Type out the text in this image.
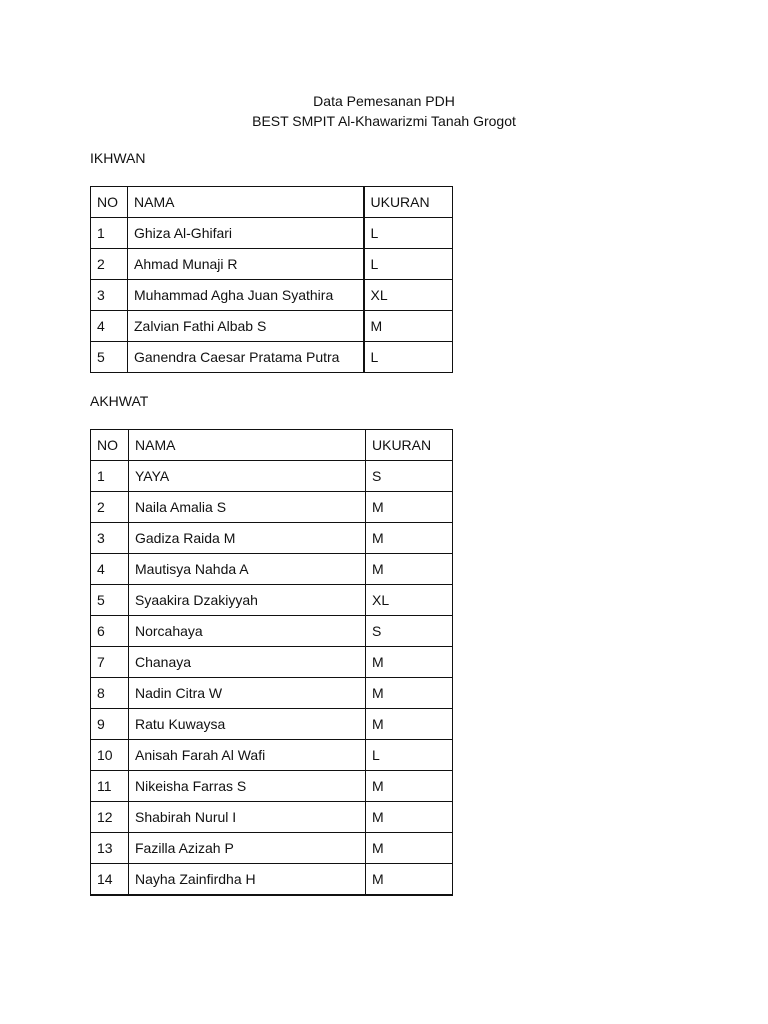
Data Pemesanan PDH
BEST SMPIT Al-Khawarizmi Tanah Grogot
IKHWAN
NO	NAMA	UKURAN
1	Ghiza Al-Ghifari	L
2	Ahmad Munaji R	L
3	Muhammad Agha Juan Syathira	XL
4	Zalvian Fathi Albab S	M
5	Ganendra Caesar Pratama Putra	L
AKHWAT
NO	NAMA	UKURAN
1	YAYA	S
2	Naila Amalia S	M
3	Gadiza Raida M	M
4	Mautisya Nahda A	M
5	Syaakira Dzakiyyah	XL
6	Norcahaya	S
7	Chanaya	M
8	Nadin Citra W	M
9	Ratu Kuwaysa	M
10	Anisah Farah Al Wafi	L
11	Nikeisha Farras S	M
12	Shabirah Nurul I	M
13	Fazilla Azizah P	M
14	Nayha Zainfirdha H	M
